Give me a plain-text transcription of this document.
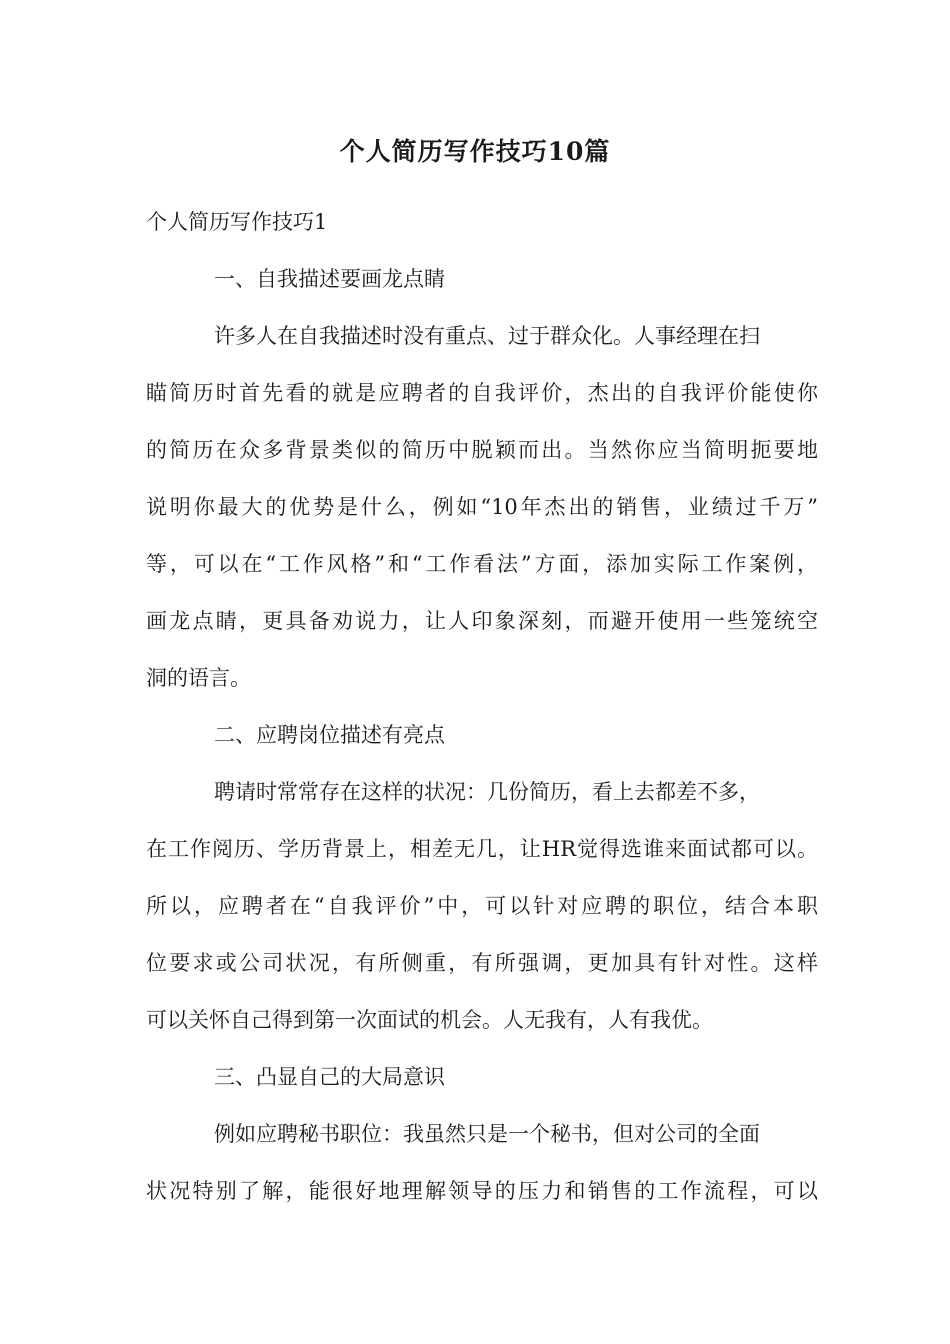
个人简历写作技巧10篇
个人简历写作技巧1
一、自我描述要画龙点睛
许多人在自我描述时没有重点、过于群众化。人事经理在扫
瞄简历时首先看的就是应聘者的自我评价，杰出的自我评价能使你
的简历在众多背景类似的简历中脱颖而出。当然你应当简明扼要地
说明你最大的优势是什么，例如“10年杰出的销售，业绩过千万”
等，可以在“工作风格”和“工作看法”方面，添加实际工作案例，
画龙点睛，更具备劝说力，让人印象深刻，而避开使用一些笼统空
洞的语言。
二、应聘岗位描述有亮点
聘请时常常存在这样的状况：几份简历，看上去都差不多，
在工作阅历、学历背景上，相差无几，让HR觉得选谁来面试都可以。
所以，应聘者在“自我评价”中，可以针对应聘的职位，结合本职
位要求或公司状况，有所侧重，有所强调，更加具有针对性。这样
可以关怀自己得到第一次面试的机会。人无我有，人有我优。
三、凸显自己的大局意识
例如应聘秘书职位：我虽然只是一个秘书，但对公司的全面
状况特别了解，能很好地理解领导的压力和销售的工作流程，可以
